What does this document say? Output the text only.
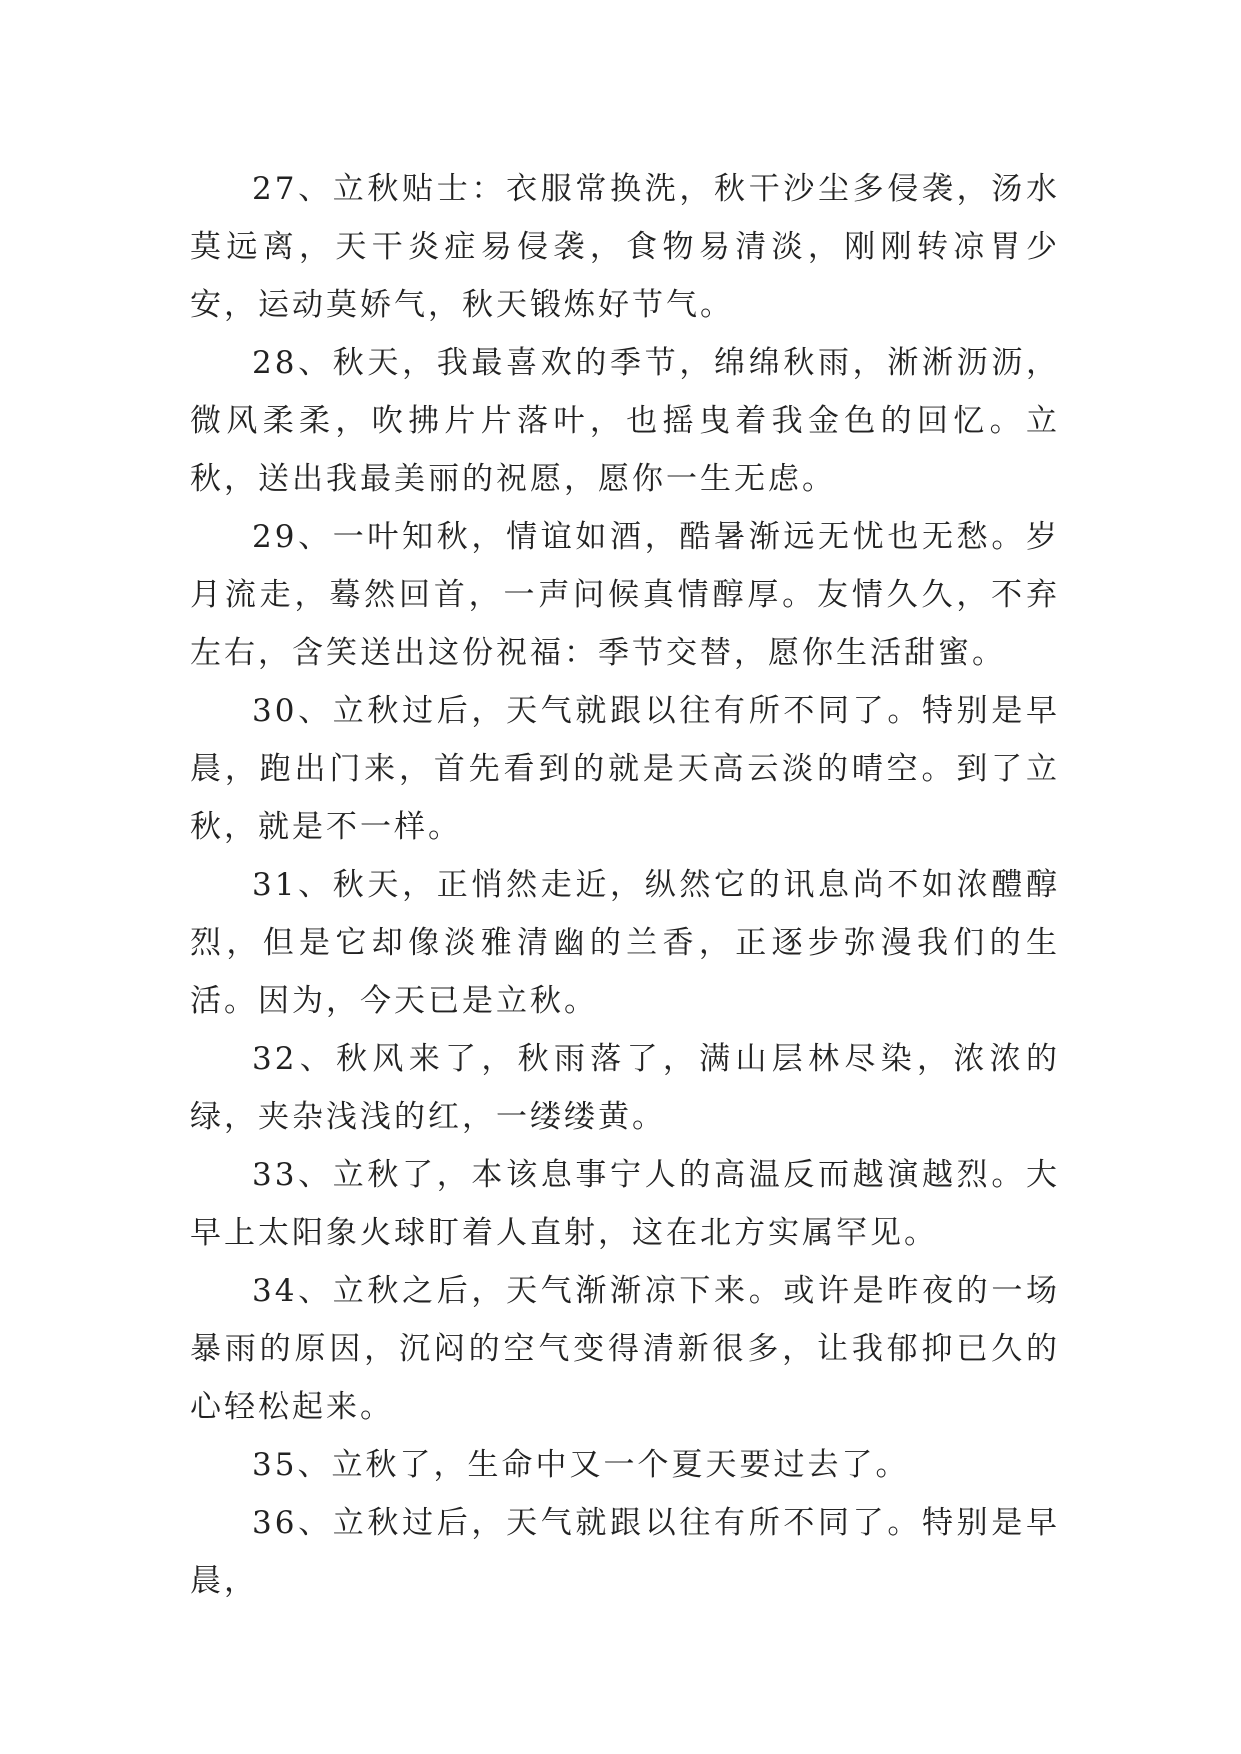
27、立秋贴士：衣服常换洗，秋干沙尘多侵袭，汤水莫远离，天干炎症易侵袭，食物易清淡，刚刚转凉胃少安，运动莫娇气，秋天锻炼好节气。

28、秋天，我最喜欢的季节，绵绵秋雨，淅淅沥沥，微风柔柔，吹拂片片落叶，也摇曳着我金色的回忆。立秋，送出我最美丽的祝愿，愿你一生无虑。

29、一叶知秋，情谊如酒，酷暑渐远无忧也无愁。岁月流走，蓦然回首，一声问候真情醇厚。友情久久，不弃左右，含笑送出这份祝福：季节交替，愿你生活甜蜜。

30、立秋过后，天气就跟以往有所不同了。特别是早晨，跑出门来，首先看到的就是天高云淡的晴空。到了立秋，就是不一样。

31、秋天，正悄然走近，纵然它的讯息尚不如浓醴醇烈，但是它却像淡雅清幽的兰香，正逐步弥漫我们的生活。因为，今天已是立秋。

32、秋风来了，秋雨落了，满山层林尽染，浓浓的绿，夹杂浅浅的红，一缕缕黄。

33、立秋了，本该息事宁人的高温反而越演越烈。大早上太阳象火球盯着人直射，这在北方实属罕见。

34、立秋之后，天气渐渐凉下来。或许是昨夜的一场暴雨的原因，沉闷的空气变得清新很多，让我郁抑已久的心轻松起来。

35、立秋了，生命中又一个夏天要过去了。

36、立秋过后，天气就跟以往有所不同了。特别是早晨，
